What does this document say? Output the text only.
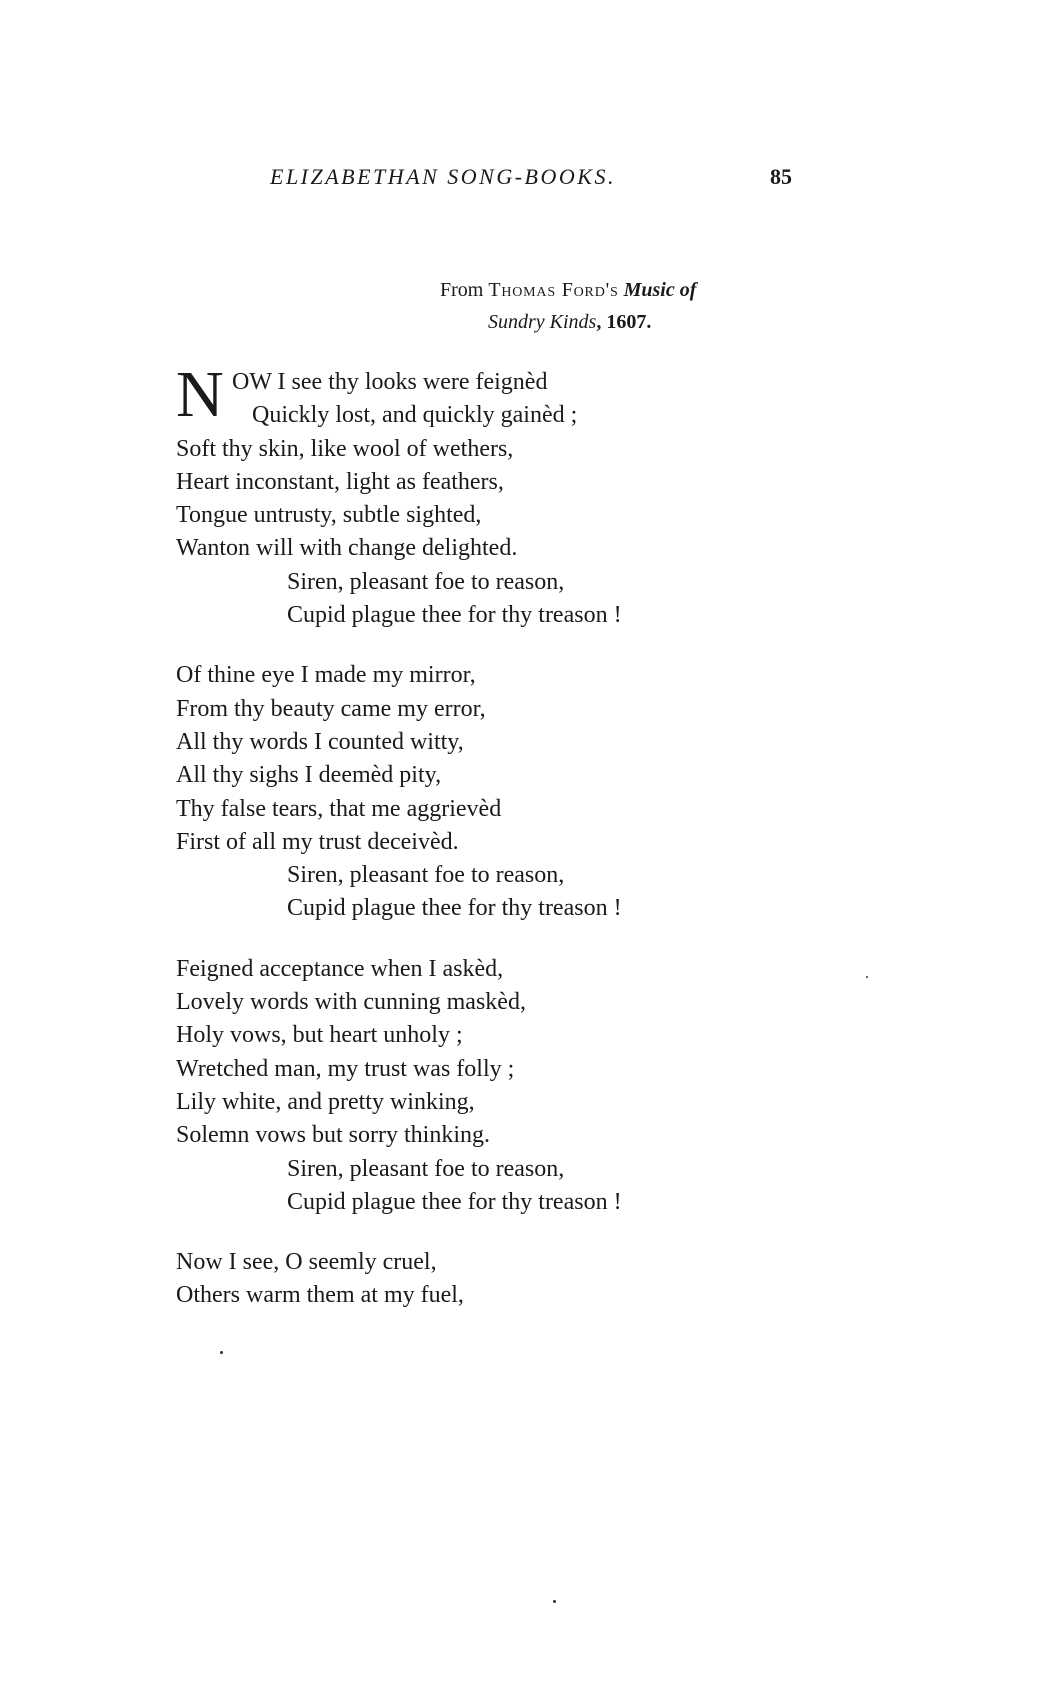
ELIZABETHAN SONG-BOOKS.	85
From Thomas Ford's Music of
Sundry Kinds, 1607.
N OW I see thy looks were feignèd
Quickly lost, and quickly gainèd ;
Soft thy skin, like wool of wethers,
Heart inconstant, light as feathers,
Tongue untrusty, subtle sighted,
Wanton will with change delighted.
Siren, pleasant foe to reason,
Cupid plague thee for thy treason !
Of thine eye I made my mirror,
From thy beauty came my error,
All thy words I counted witty,
All thy sighs I deemèd pity,
Thy false tears, that me aggrievèd
First of all my trust deceivèd.
Siren, pleasant foe to reason,
Cupid plague thee for thy treason !
Feigned acceptance when I askèd,
Lovely words with cunning maskèd,
Holy vows, but heart unholy ;
Wretched man, my trust was folly ;
Lily white, and pretty winking,
Solemn vows but sorry thinking.
Siren, pleasant foe to reason,
Cupid plague thee for thy treason !
Now I see, O seemly cruel,
Others warm them at my fuel,
